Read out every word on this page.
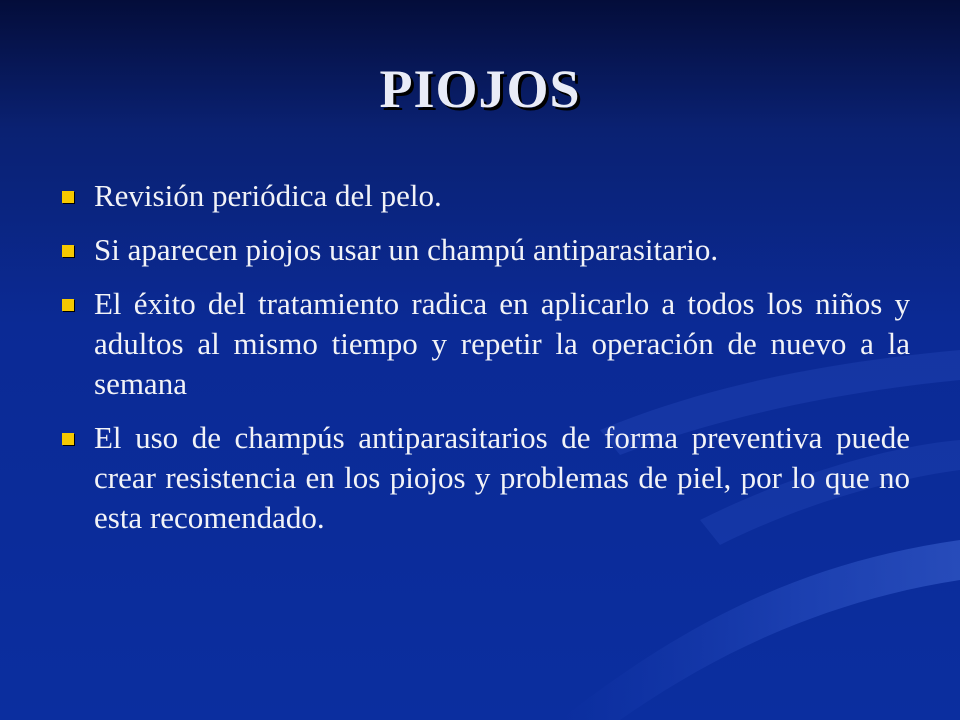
PIOJOS
Revisión periódica del pelo.
Si aparecen piojos usar un champú antiparasitario.
El éxito del tratamiento radica en aplicarlo a todos los niños y adultos al mismo tiempo y repetir la operación de nuevo a la semana
El uso de champús antiparasitarios de forma preventiva puede crear resistencia en los piojos y problemas de piel, por lo que no esta recomendado.
